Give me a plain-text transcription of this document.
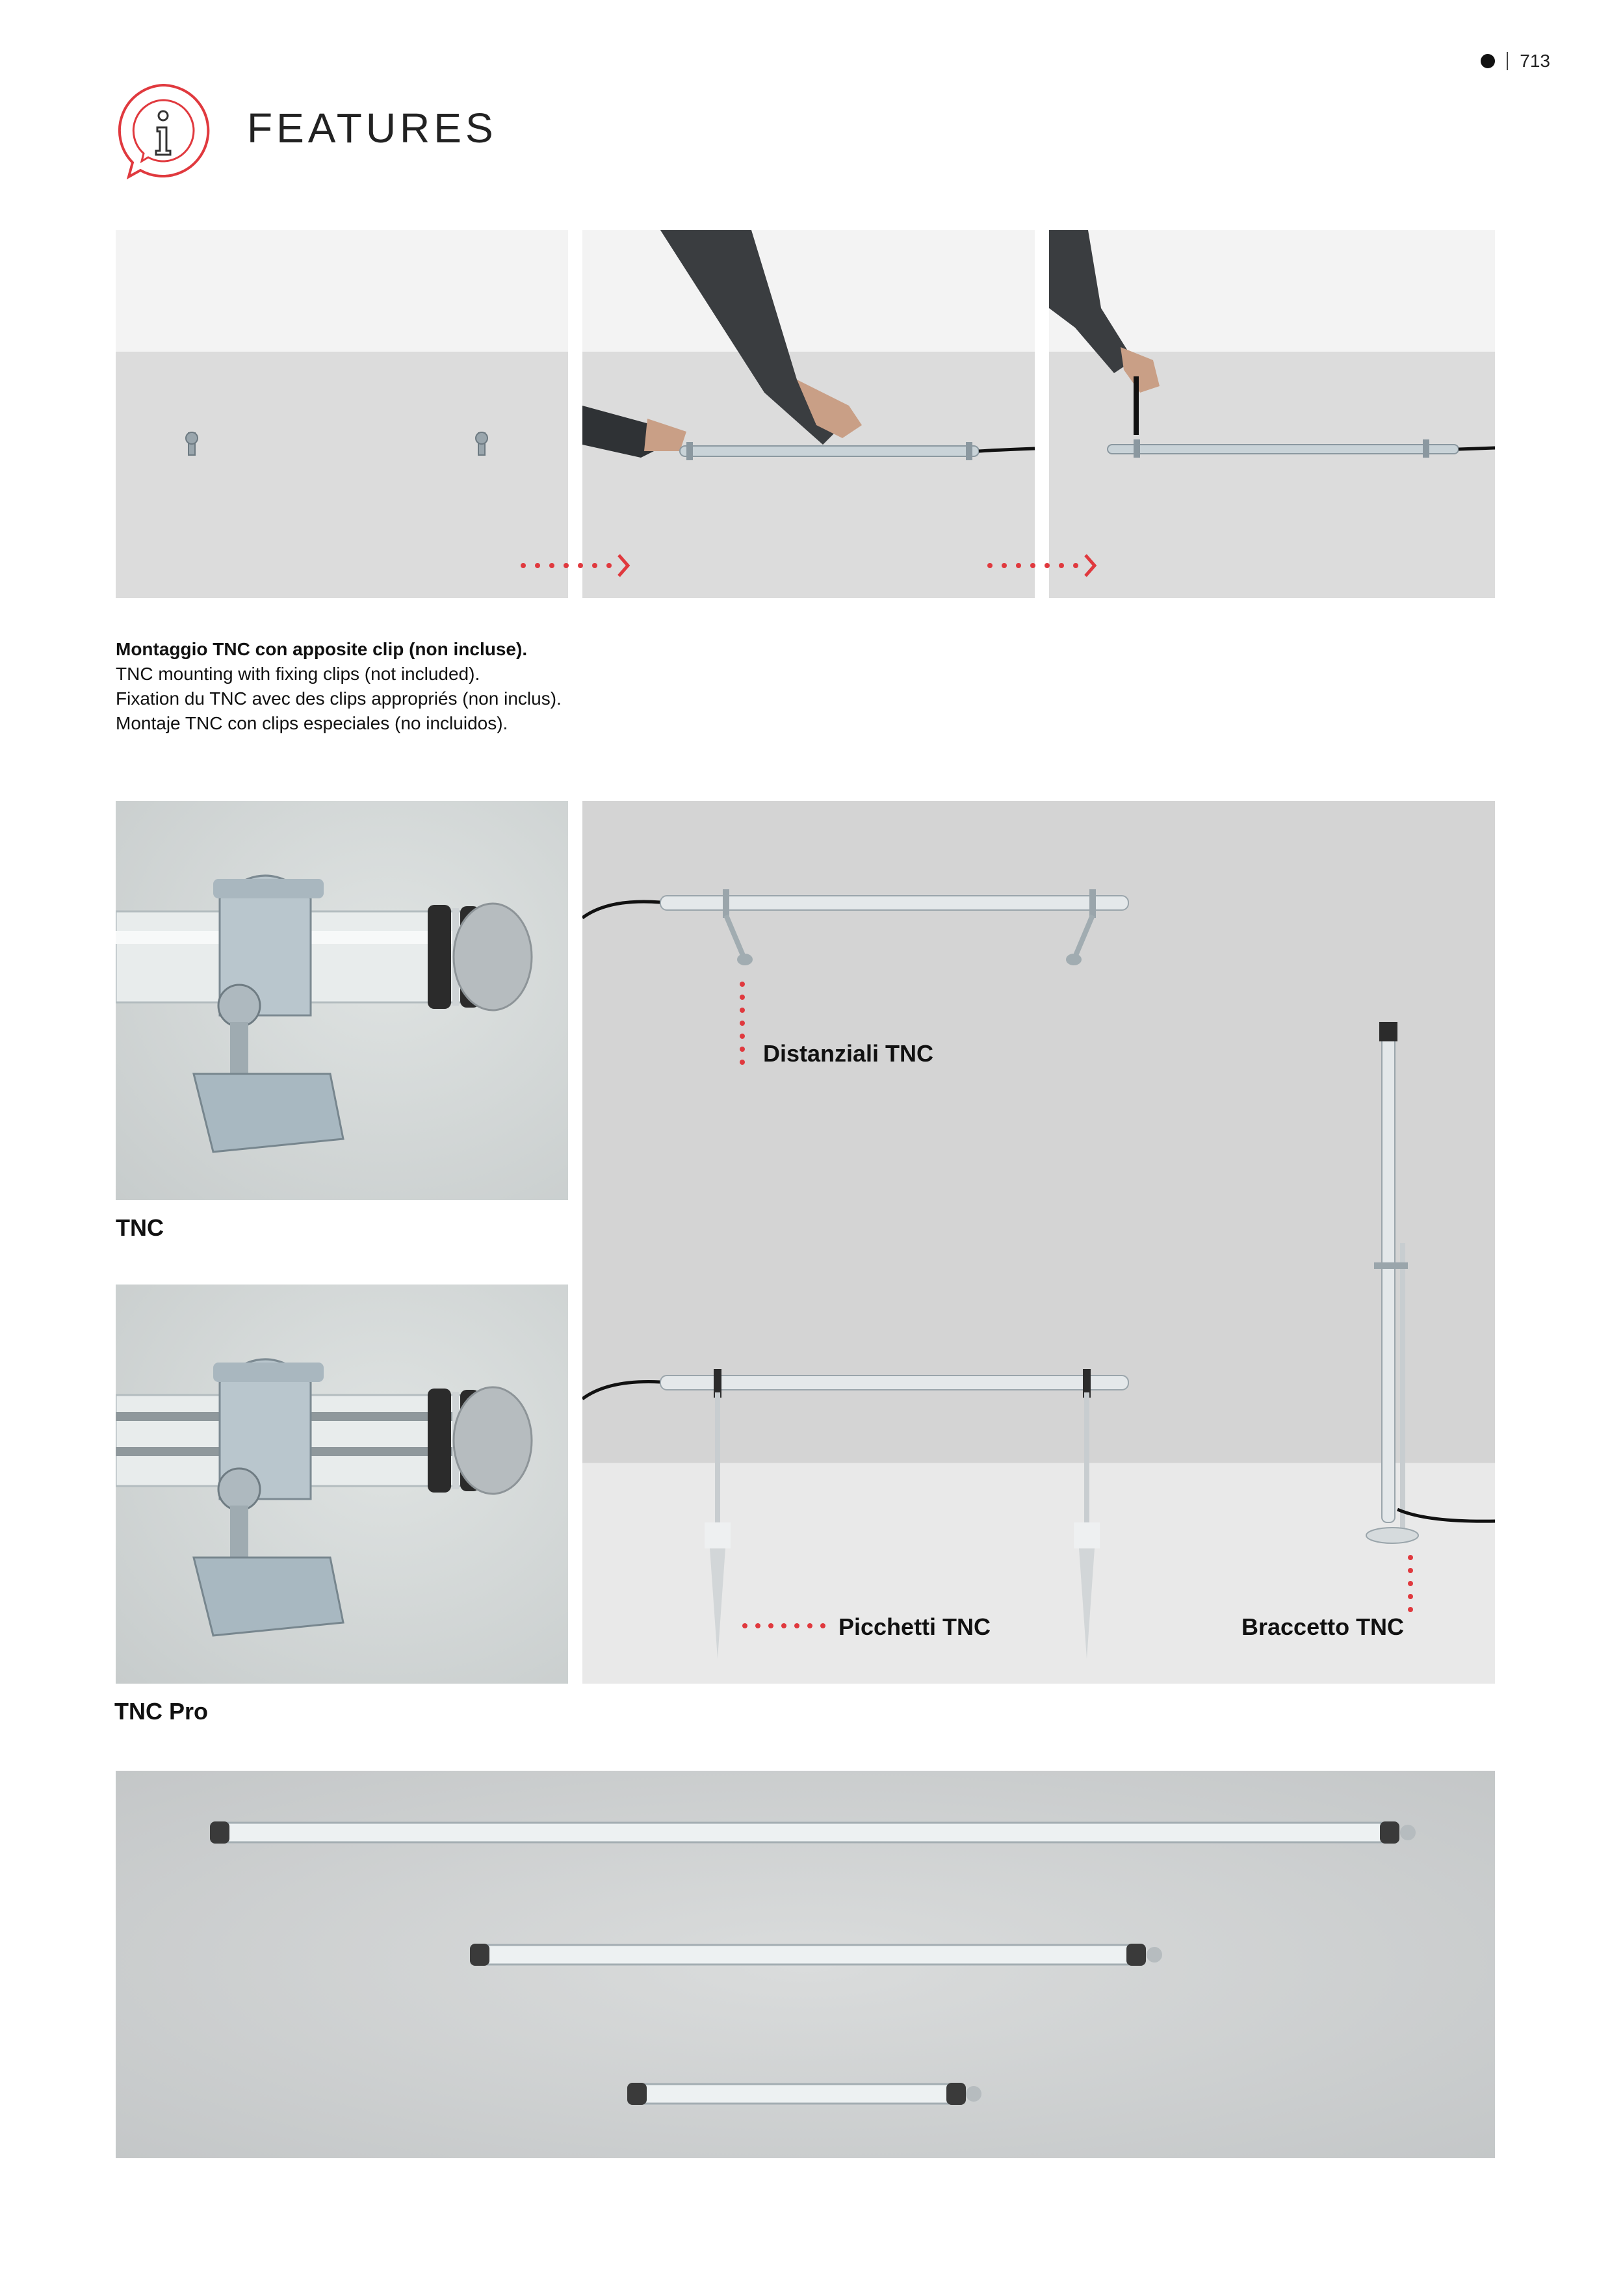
713
FEATURES
Montaggio TNC con apposite clip (non incluse).
TNC mounting with fixing clips (not included).
Fixation du TNC avec des clips appropriés (non inclus).
Montaje TNC con clips especiales (no incluidos).
TNC
TNC Pro
Distanziali TNC
Picchetti TNC	Braccetto TNC
